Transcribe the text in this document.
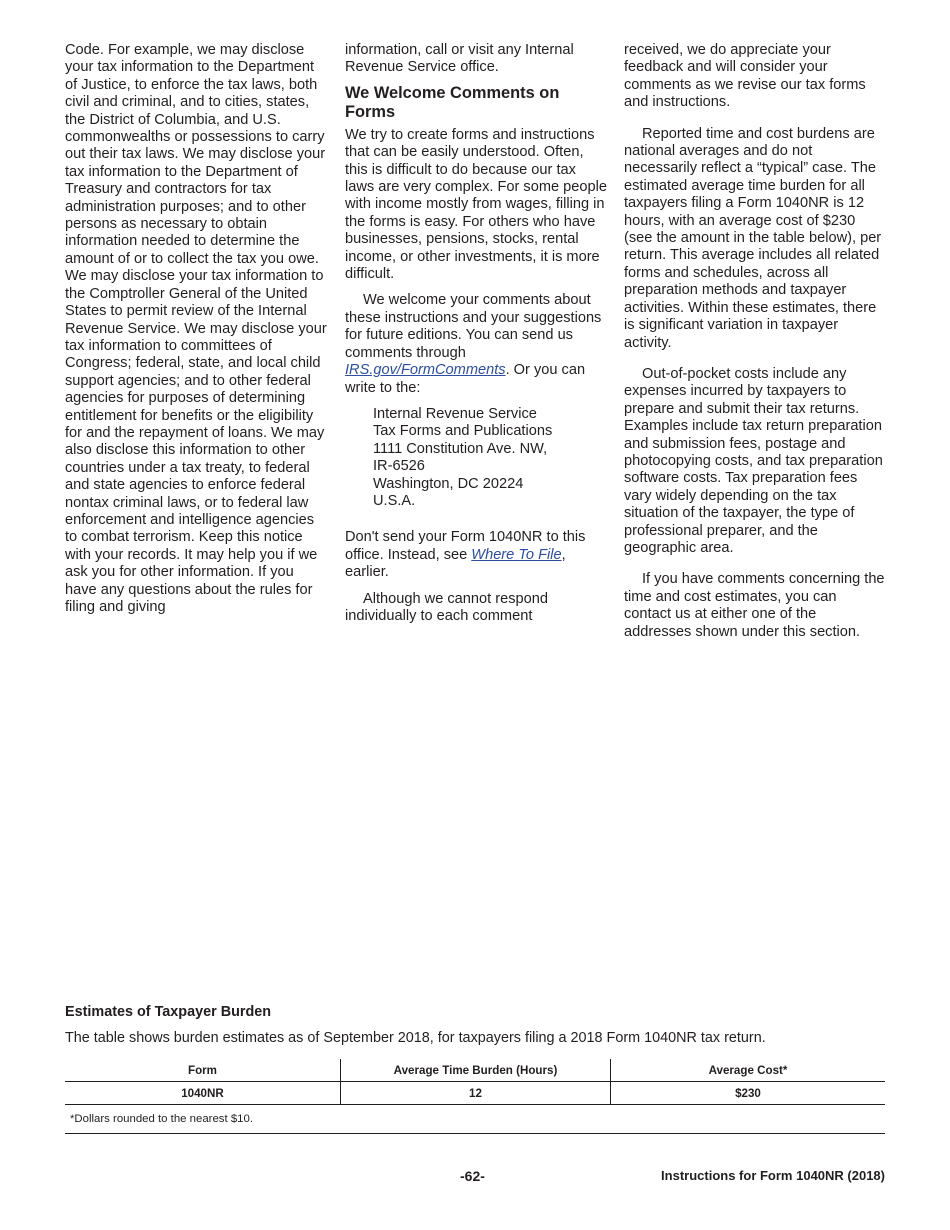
Code. For example, we may disclose your tax information to the Department of Justice, to enforce the tax laws, both civil and criminal, and to cities, states, the District of Columbia, and U.S. commonwealths or possessions to carry out their tax laws. We may disclose your tax information to the Department of Treasury and contractors for tax administration purposes; and to other persons as necessary to obtain information needed to determine the amount of or to collect the tax you owe. We may disclose your tax information to the Comptroller General of the United States to permit review of the Internal Revenue Service. We may disclose your tax information to committees of Congress; federal, state, and local child support agencies; and to other federal agencies for purposes of determining entitlement for benefits or the eligibility for and the repayment of loans. We may also disclose this information to other countries under a tax treaty, to federal and state agencies to enforce federal nontax criminal laws, or to federal law enforcement and intelligence agencies to combat terrorism. Keep this notice with your records. It may help you if we ask you for other information. If you have any questions about the rules for filing and giving

information, call or visit any Internal Revenue Service office.

We Welcome Comments on Forms

We try to create forms and instructions that can be easily understood. Often, this is difficult to do because our tax laws are very complex. For some people with income mostly from wages, filling in the forms is easy. For others who have businesses, pensions, stocks, rental income, or other investments, it is more difficult.

We welcome your comments about these instructions and your suggestions for future editions. You can send us comments through IRS.gov/FormComments. Or you can write to the:

Internal Revenue Service
Tax Forms and Publications
1111 Constitution Ave. NW,
IR-6526
Washington, DC 20224
U.S.A.

Don't send your Form 1040NR to this office. Instead, see Where To File, earlier.

Although we cannot respond individually to each comment

received, we do appreciate your feedback and will consider your comments as we revise our tax forms and instructions.

Reported time and cost burdens are national averages and do not necessarily reflect a “typical” case. The estimated average time burden for all taxpayers filing a Form 1040NR is 12 hours, with an average cost of $230 (see the amount in the table below), per return. This average includes all related forms and schedules, across all preparation methods and taxpayer activities. Within these estimates, there is significant variation in taxpayer activity.

Out-of-pocket costs include any expenses incurred by taxpayers to prepare and submit their tax returns. Examples include tax return preparation and submission fees, postage and photocopying costs, and tax preparation software costs. Tax preparation fees vary widely depending on the tax situation of the taxpayer, the type of professional preparer, and the geographic area.

If you have comments concerning the time and cost estimates, you can contact us at either one of the addresses shown under this section.

Estimates of Taxpayer Burden
The table shows burden estimates as of September 2018, for taxpayers filing a 2018 Form 1040NR tax return.
Form	Average Time Burden (Hours)	Average Cost*
1040NR	12	$230
*Dollars rounded to the nearest $10.		
-62-	Instructions for Form 1040NR (2018)
